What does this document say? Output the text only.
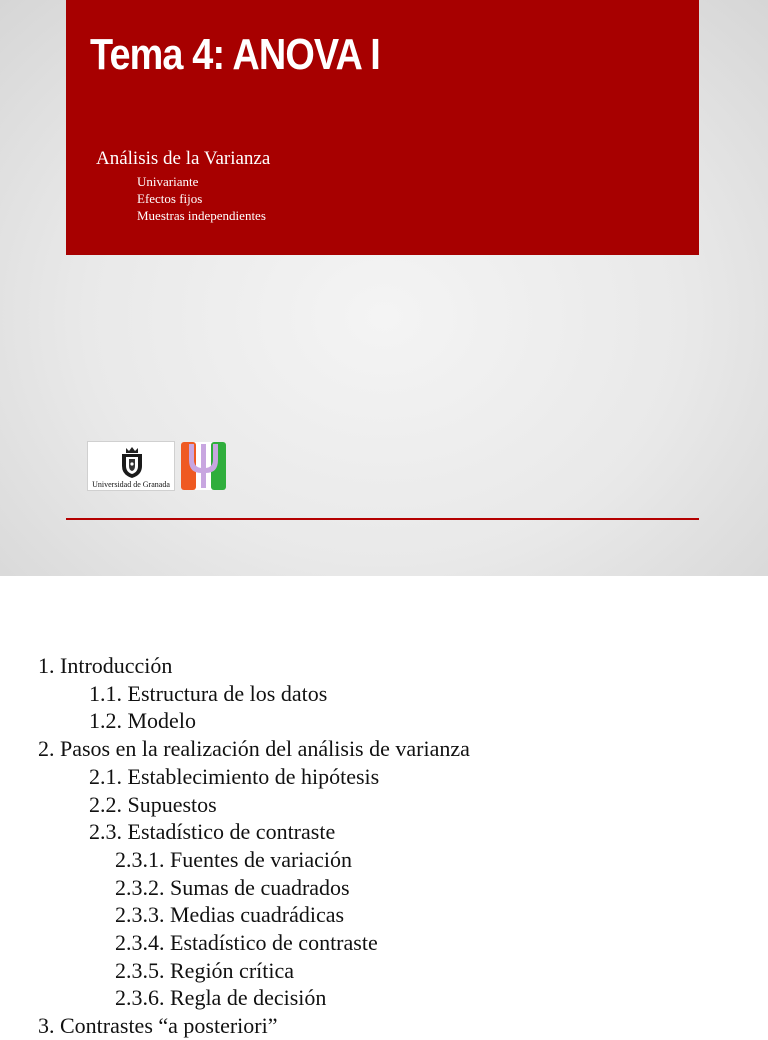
Tema 4: ANOVA I
Análisis de la Varianza
Univariante
Efectos fijos
Muestras independientes
Universidad de Granada
1. Introducción
1.1. Estructura de los datos
1.2. Modelo
2. Pasos en la realización del análisis de varianza
2.1. Establecimiento de hipótesis
2.2. Supuestos
2.3. Estadístico de contraste
2.3.1. Fuentes de variación
2.3.2. Sumas de cuadrados
2.3.3. Medias cuadrádicas
2.3.4. Estadístico de contraste
2.3.5. Región crítica
2.3.6. Regla de decisión
3. Contrastes “a posteriori”
